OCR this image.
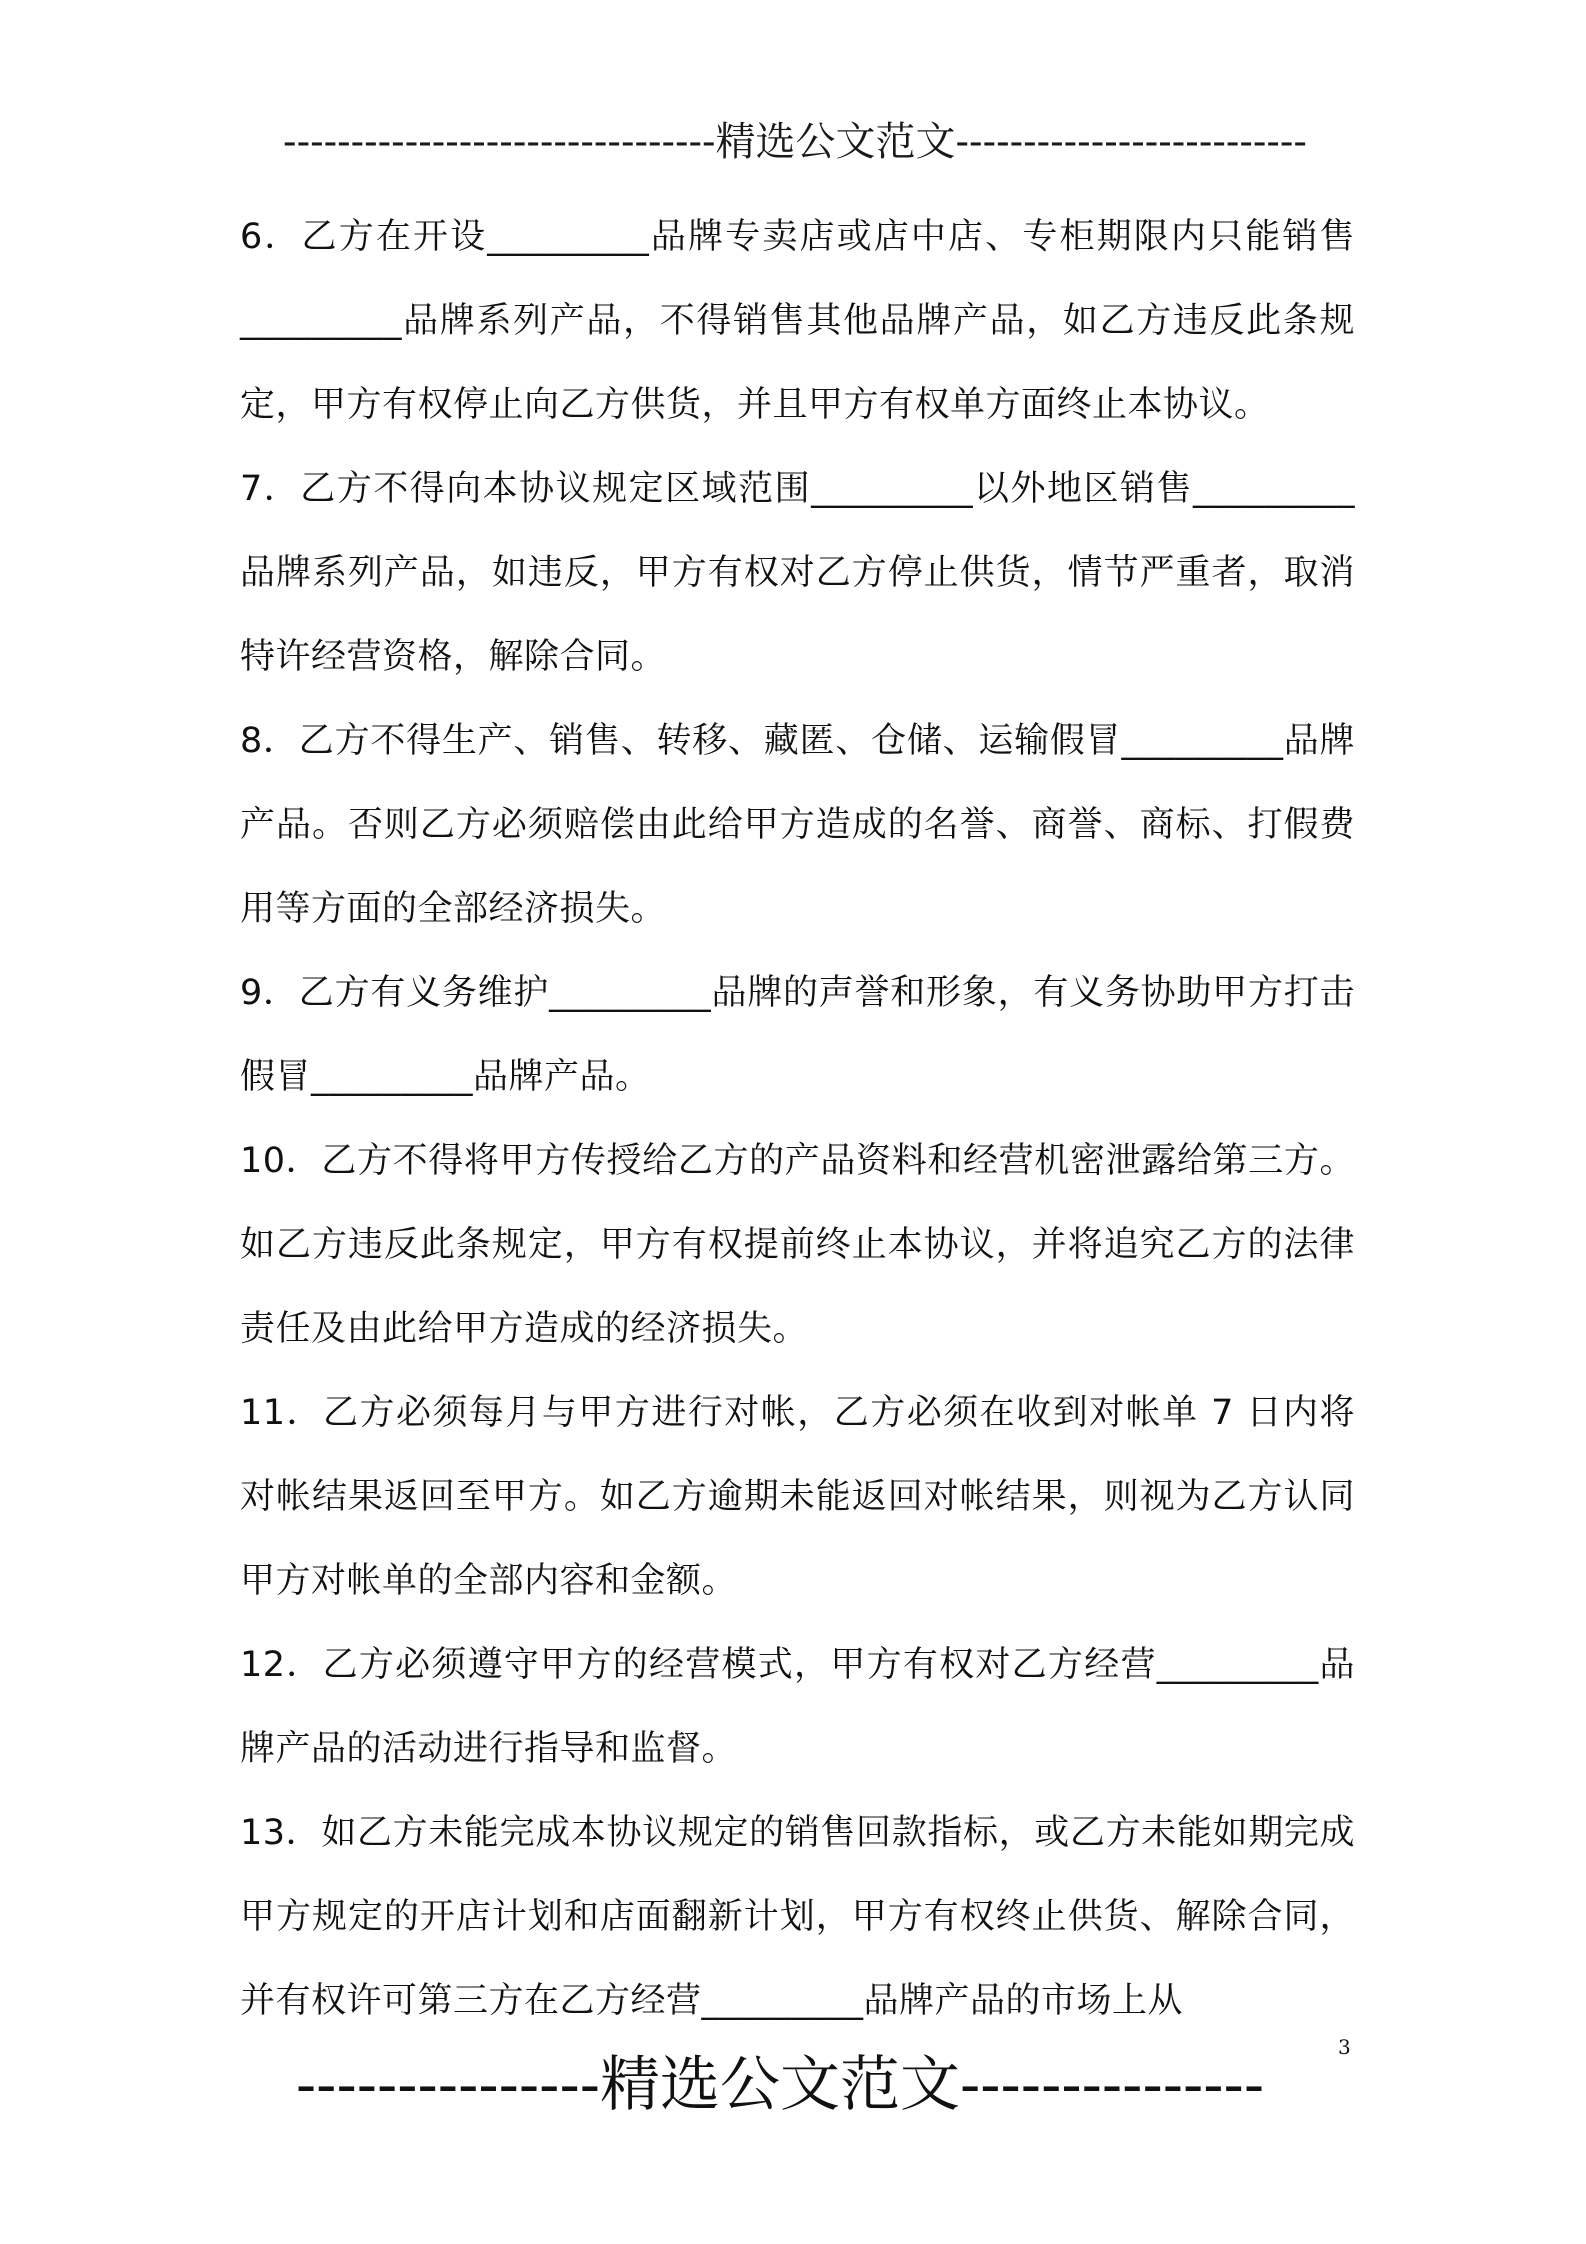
--------------------------------精选公文范文--------------------------

6．乙方在开设_________品牌专卖店或店中店、专柜期限内只能销售_________品牌系列产品，不得销售其他品牌产品，如乙方违反此条规定，甲方有权停止向乙方供货，并且甲方有权单方面终止本协议。

7．乙方不得向本协议规定区域范围_________以外地区销售_________品牌系列产品，如违反，甲方有权对乙方停止供货，情节严重者，取消特许经营资格，解除合同。

8．乙方不得生产、销售、转移、藏匿、仓储、运输假冒_________品牌产品。否则乙方必须赔偿由此给甲方造成的名誉、商誉、商标、打假费用等方面的全部经济损失。

9．乙方有义务维护_________品牌的声誉和形象，有义务协助甲方打击假冒_________品牌产品。

10．乙方不得将甲方传授给乙方的产品资料和经营机密泄露给第三方。如乙方违反此条规定，甲方有权提前终止本协议，并将追究乙方的法律责任及由此给甲方造成的经济损失。

11．乙方必须每月与甲方进行对帐，乙方必须在收到对帐单 7 日内将对帐结果返回至甲方。如乙方逾期未能返回对帐结果，则视为乙方认同甲方对帐单的全部内容和金额。

12．乙方必须遵守甲方的经营模式，甲方有权对乙方经营_________品牌产品的活动进行指导和监督。

13．如乙方未能完成本协议规定的销售回款指标，或乙方未能如期完成甲方规定的开店计划和店面翻新计划，甲方有权终止供货、解除合同，并有权许可第三方在乙方经营_________品牌产品的市场上从

---------------精选公文范文---------------
3
